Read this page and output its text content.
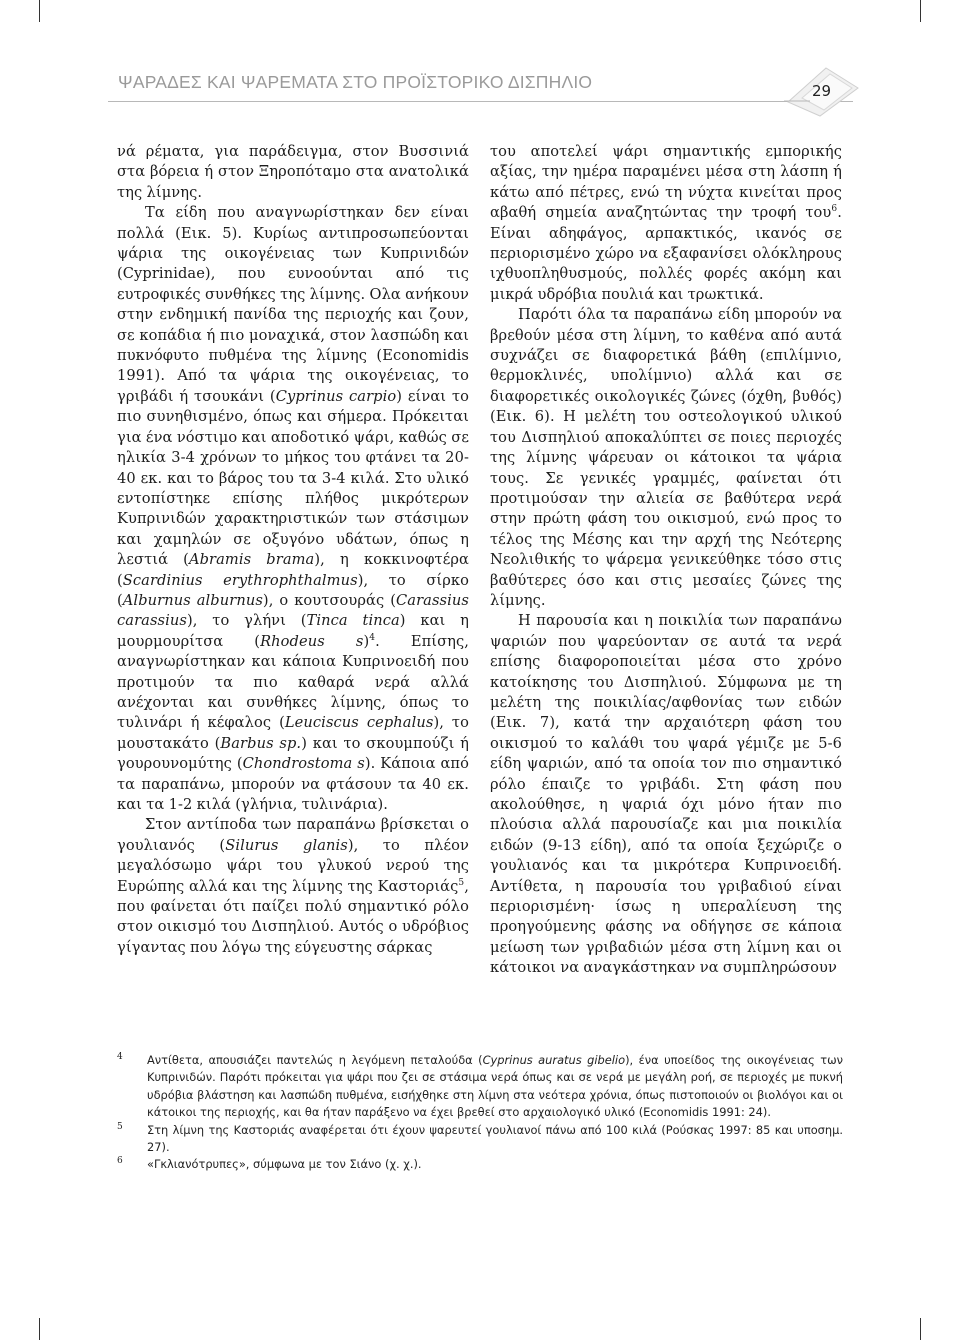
ΨΑΡΑΔΕΣ ΚΑΙ ΨΑΡΕΜΑΤΑ ΣΤΟ ΠΡΟΪΣΤΟΡΙΚΟ ΔΙΣΠΗΛΙΟ	29

νά ρέματα, για παράδειγμα, στον Βυσσινιά στα βόρεια ή στον Ξηροπόταμο στα ανατολικά της λίμνης.

Τα είδη που αναγνωρίστηκαν δεν είναι πολλά (Εικ. 5). Κυρίως αντιπροσωπεύονται ψάρια της οικογένειας των Κυπρινιδών (Cyprinidae), που ευνοούνται από τις ευτροφικές συνθήκες της λίμνης. Ολα ανήκουν στην ενδημική πανίδα της περιοχής και ζουν, σε κοπάδια ή πιο μοναχικά, στον λασπώδη και πυκνόφυτο πυθμένα της λίμνης (Economidis 1991). Από τα ψάρια της οικογένειας, το γριβάδι ή τσουκάνι (Cyprinus carpio) είναι το πιο συνηθισμένο, όπως και σήμερα. Πρόκειται για ένα νόστιμο και αποδοτικό ψάρι, καθώς σε ηλικία 3-4 χρόνων το μήκος του φτάνει τα 20-40 εκ. και το βάρος του τα 3-4 κιλά. Στο υλικό εντοπίστηκε επίσης πλήθος μικρότερων Κυπρινιδών χαρακτηριστικών των στάσιμων και χαμηλών σε οξυγόνο υδάτων, όπως η λεστιά (Abramis brama), η κοκκινοφτέρα (Scardinius erythrophthalmus), το σίρκο (Alburnus alburnus), ο κουτσουράς (Carassius carassius), το γλήνι (Tinca tinca) και η μουρμουρίτσα (Rhodeus s)$^4$. Επίσης, αναγνωρίστηκαν και κάποια Κυπρινοειδή που προτιμούν τα πιο καθαρά νερά αλλά ανέχονται και συνθήκες λίμνης, όπως το τυλινάρι ή κέφαλος (Leuciscus cephalus), το μουστακάτο (Barbus sp.) και το σκουμπούζι ή γουρουνομύτης (Chondrostoma s). Κάποια από τα παραπάνω, μπορούν να φτάσουν τα 40 εκ. και τα 1-2 κιλά (γλήνια, τυλινάρια).

Στον αντίποδα των παραπάνω βρίσκεται ο γουλιανός (Silurus glanis), το πλέον μεγαλόσωμο ψάρι του γλυκού νερού της Ευρώπης αλλά και της λίμνης της Καστοριάς$^5$, που φαίνεται ότι παίζει πολύ σημαντικό ρόλο στον οικισμό του Δισπηλιού. Αυτός ο υδρόβιος γίγαντας που λόγω της εύγευστης σάρκας

του αποτελεί ψάρι σημαντικής εμπορικής αξίας, την ημέρα παραμένει μέσα στη λάσπη ή κάτω από πέτρες, ενώ τη νύχτα κινείται προς αβαθή σημεία αναζητώντας την τροφή του$^6$. Είναι αδηφάγος, αρπακτικός, ικανός σε περιορισμένο χώρο να εξαφανίσει ολόκληρους ιχθυοπληθυσμούς, πολλές φορές ακόμη και μικρά υδρόβια πουλιά και τρωκτικά.

Παρότι όλα τα παραπάνω είδη μπορούν να βρεθούν μέσα στη λίμνη, το καθένα από αυτά συχνάζει σε διαφορετικά βάθη (επιλίμνιο, θερμοκλινές, υπολίμνιο) αλλά και σε διαφορετικές οικολογικές ζώνες (όχθη, βυθός) (Εικ. 6). Η μελέτη του οστεολογικού υλικού του Δισπηλιού αποκαλύπτει σε ποιες περιοχές της λίμνης ψάρευαν οι κάτοικοι τα ψάρια τους. Σε γενικές γραμμές, φαίνεται ότι προτιμούσαν την αλιεία σε βαθύτερα νερά στην πρώτη φάση του οικισμού, ενώ προς το τέλος της Μέσης και την αρχή της Νεότερης Νεολιθικής το ψάρεμα γενικεύθηκε τόσο στις βαθύτερες όσο και στις μεσαίες ζώνες της λίμνης.

Η παρουσία και η ποικιλία των παραπάνω ψαριών που ψαρεύονταν σε αυτά τα νερά επίσης διαφοροποιείται μέσα στο χρόνο κατοίκησης του Δισπηλιού. Σύμφωνα με τη μελέτη της ποικιλίας/αφθονίας των ειδών (Εικ. 7), κατά την αρχαιότερη φάση του οικισμού το καλάθι του ψαρά γέμιζε με 5-6 είδη ψαριών, από τα οποία τον πιο σημαντικό ρόλο έπαιζε το γριβάδι. Στη φάση που ακολούθησε, η ψαριά όχι μόνο ήταν πιο πλούσια αλλά παρουσίαζε και μια ποικιλία ειδών (9-13 είδη), από τα οποία ξεχώριζε ο γουλιανός και τα μικρότερα Κυπρινοειδή. Αντίθετα, η παρουσία του γριβαδιού είναι περιορισμένη· ίσως η υπεραλίευση της προηγούμενης φάσης να οδήγησε σε κάποια μείωση των γριβαδιών μέσα στη λίμνη και οι κάτοικοι να αναγκάστηκαν να συμπληρώσουν

4 Αντίθετα, απουσιάζει παντελώς η λεγόμενη πεταλούδα (Cyprinus auratus gibelio), ένα υποείδος της οικογένειας των Κυπρινιδών. Παρότι πρόκειται για ψάρι που ζει σε στάσιμα νερά όπως και σε νερά με μεγάλη ροή, σε περιοχές με πυκνή υδρόβια βλάστηση και λασπώδη πυθμένα, εισήχθηκε στη λίμνη στα νεότερα χρόνια, όπως πιστοποιούν οι βιολόγοι και οι κάτοικοι της περιοχής, και θα ήταν παράξενο να έχει βρεθεί στο αρχαιολογικό υλικό (Economidis 1991: 24).
5 Στη λίμνη της Καστοριάς αναφέρεται ότι έχουν ψαρευτεί γουλιανοί πάνω από 100 κιλά (Ρούσκας 1997: 85 και υποσημ. 27).
6 «Γκλιανότρυπες», σύμφωνα με τον Σιάνο (χ. χ.).
